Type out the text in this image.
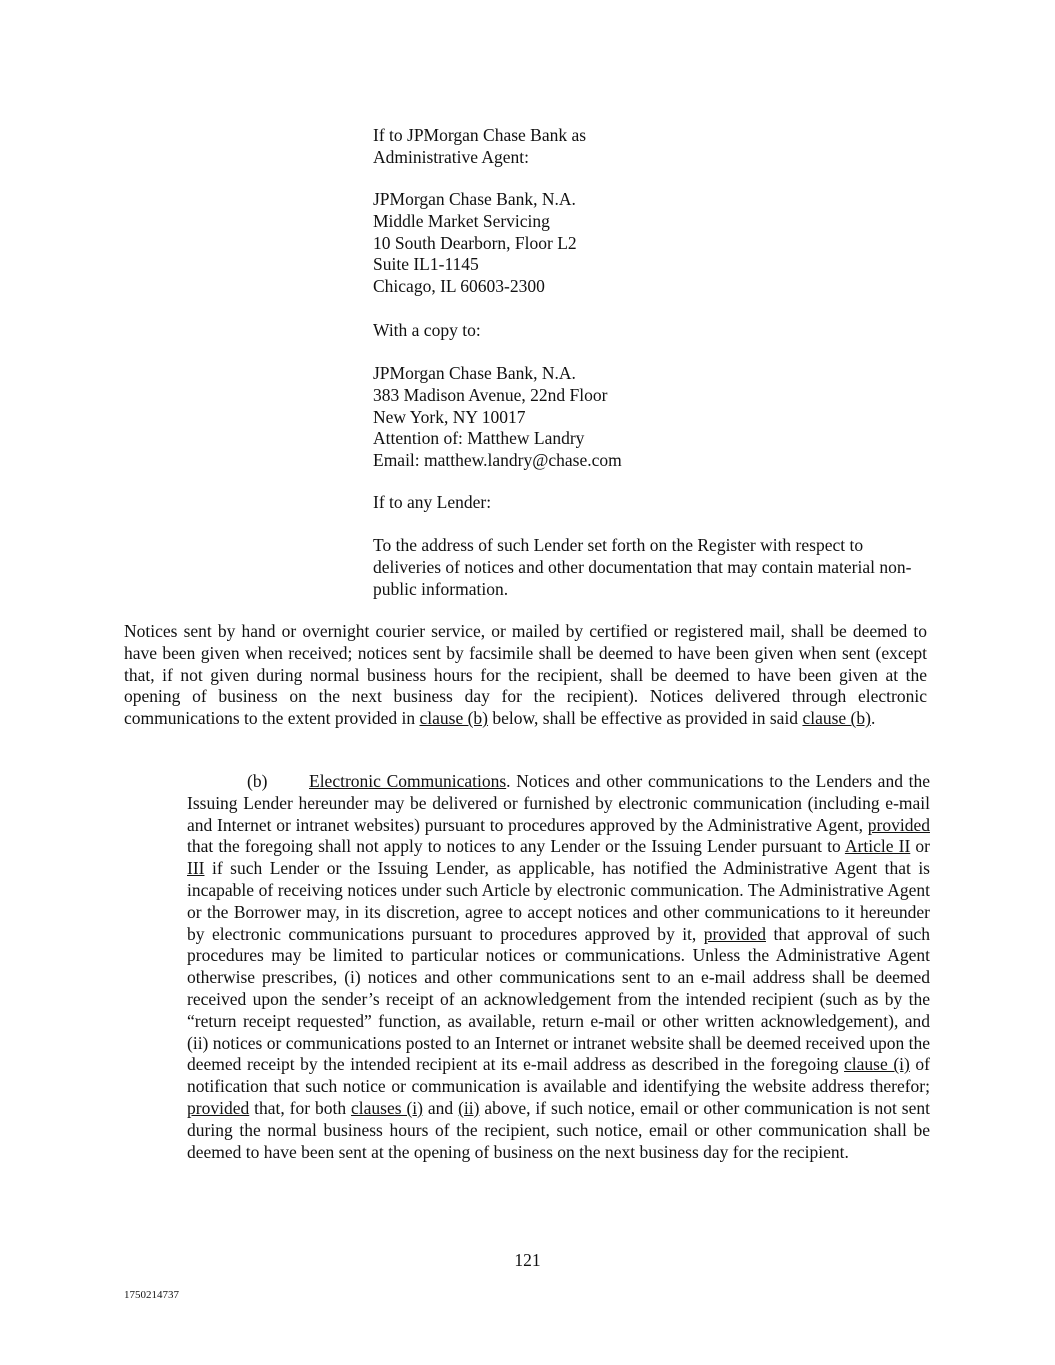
If to JPMorgan Chase Bank as
Administrative Agent:
JPMorgan Chase Bank, N.A.
Middle Market Servicing
10 South Dearborn, Floor L2
Suite IL1-1145
Chicago, IL 60603-2300
With a copy to:
JPMorgan Chase Bank, N.A.
383 Madison Avenue, 22nd Floor
New York, NY 10017
Attention of: Matthew Landry
Email: matthew.landry@chase.com
If to any Lender:
To the address of such Lender set forth on the Register with respect to deliveries of notices and other documentation that may contain material non-public information.

Notices sent by hand or overnight courier service, or mailed by certified or registered mail, shall be deemed to have been given when received; notices sent by facsimile shall be deemed to have been given when sent (except that, if not given during normal business hours for the recipient, shall be deemed to have been given at the opening of business on the next business day for the recipient). Notices delivered through electronic communications to the extent provided in clause (b) below, shall be effective as provided in said clause (b).

(b) Electronic Communications. Notices and other communications to the Lenders and the Issuing Lender hereunder may be delivered or furnished by electronic communication (including e-mail and Internet or intranet websites) pursuant to procedures approved by the Administrative Agent, provided that the foregoing shall not apply to notices to any Lender or the Issuing Lender pursuant to Article II or III if such Lender or the Issuing Lender, as applicable, has notified the Administrative Agent that is incapable of receiving notices under such Article by electronic communication. The Administrative Agent or the Borrower may, in its discretion, agree to accept notices and other communications to it hereunder by electronic communications pursuant to procedures approved by it, provided that approval of such procedures may be limited to particular notices or communications. Unless the Administrative Agent otherwise prescribes, (i) notices and other communications sent to an e-mail address shall be deemed received upon the sender’s receipt of an acknowledgement from the intended recipient (such as by the “return receipt requested” function, as available, return e-mail or other written acknowledgement), and (ii) notices or communications posted to an Internet or intranet website shall be deemed received upon the deemed receipt by the intended recipient at its e-mail address as described in the foregoing clause (i) of notification that such notice or communication is available and identifying the website address therefor; provided that, for both clauses (i) and (ii) above, if such notice, email or other communication is not sent during the normal business hours of the recipient, such notice, email or other communication shall be deemed to have been sent at the opening of business on the next business day for the recipient.

121
1750214737
